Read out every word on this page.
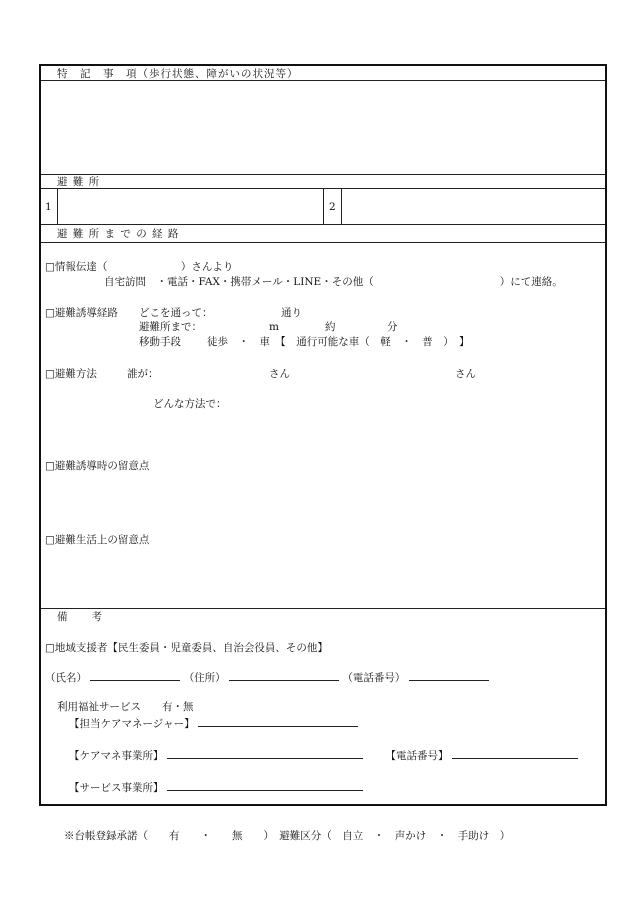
特　記　事　項（歩行状態、障がいの状況等）
避 難 所
1	2
避 難 所 ま で の 経 路
□情報伝達（　　　　　　　）さんより
自宅訪問　・電話・FAX・携帯メール・LINE・その他（　　　　　　　　　　　　）にて連絡。
□避難誘導経路 どこを通って：	通り
避難所まで：	m	約	分
移動手段 徒歩　・　車　【　通行可能な車（　軽　・　普　）　】
□避難方法	誰が：	さん	さん
どんな方法で：
□避難誘導時の留意点
□避難生活上の留意点
備　　考
□地域支援者【民生委員・児童委員、自治会役員、その他】
（氏名）	（住所）	（電話番号）
利用福祉サービス　　有・無
【担当ケアマネージャー】
【ケアマネ事業所】	【電話番号】
【サービス事業所】
※台帳登録承諾（　　有　　・　　無　　）　避難区分（　自立　・　声かけ　・　手助け　）
